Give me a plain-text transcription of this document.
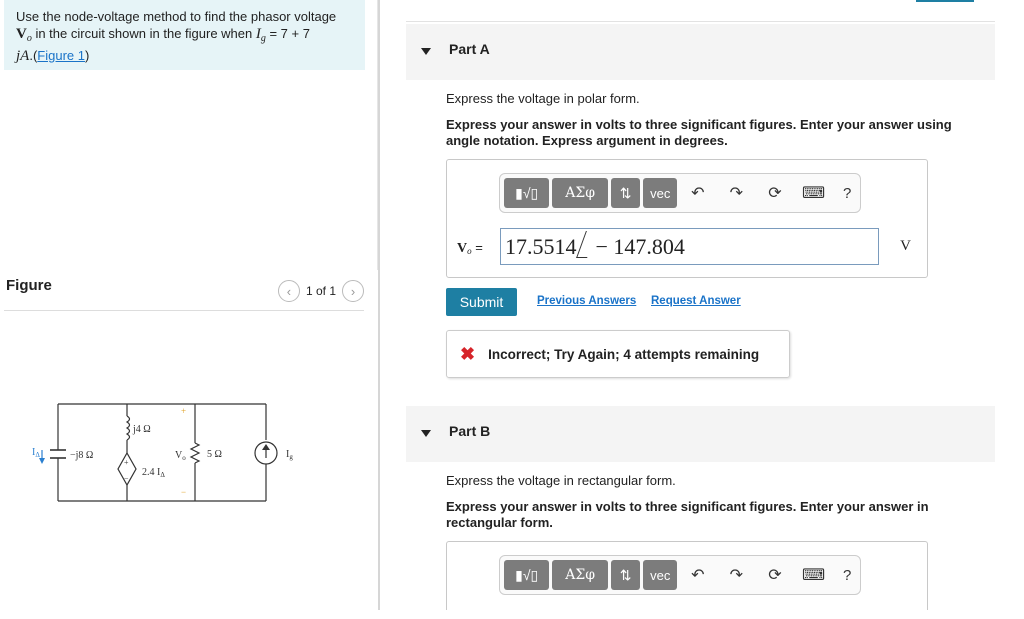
Use the node-voltage method to find the phasor voltage
$V_o$ in the circuit shown in the figure when $I_g = 7 + 7$
jA.(Figure 1)
Figure	‹	1 of 1	›
$I_\Delta$	−j8 Ω
j4 Ω
2.4 $I_\Delta$
$V_o$ 5 Ω	$I_g$
+
−
+
−
Part A
Express the voltage in polar form.
Express your answer in volts to three significant figures. Enter your answer using angle notation. Express argument in degrees.
▮√▯	ΑΣφ	⇅	vec	↶	↷	⟳	⌨	?
Vo = 17.5514 − 147.804	V
Submit	Previous Answers Request Answer
✖ Incorrect; Try Again; 4 attempts remaining
Part B
Express the voltage in rectangular form.
Express your answer in volts to three significant figures. Enter your answer in rectangular form.
▮√▯	ΑΣφ	⇅	vec	↶	↷	⟳	⌨	?
